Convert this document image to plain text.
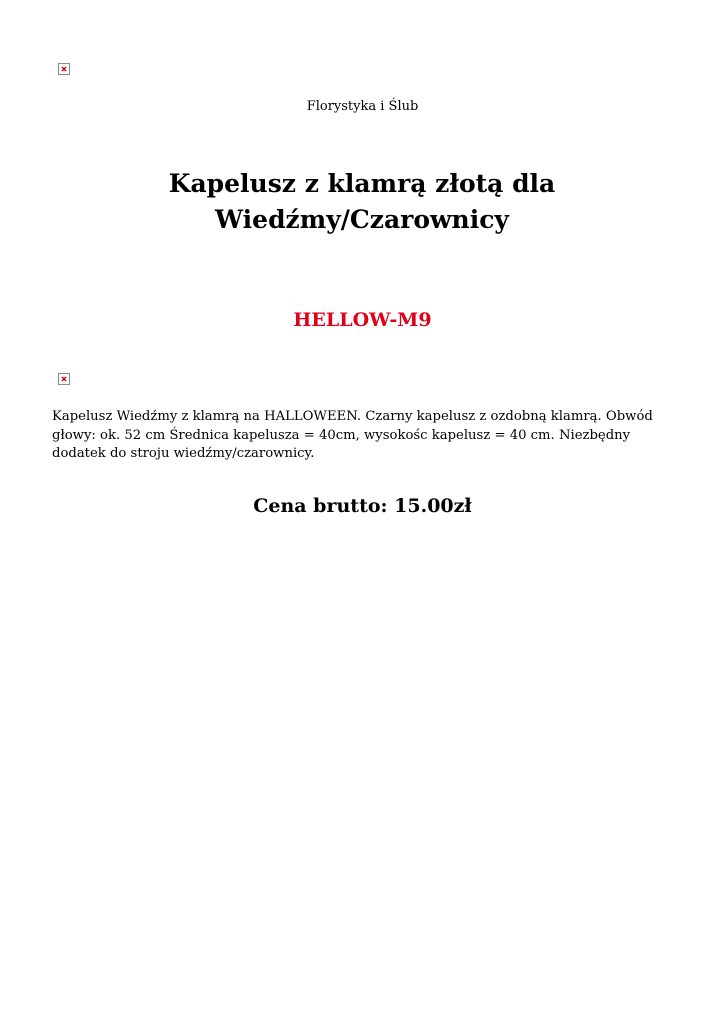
Florystyka i Ślub
Kapelusz z klamrą złotą dla Wiedźmy/Czarownicy
HELLOW-M9

Kapelusz Wiedźmy z klamrą na HALLOWEEN. Czarny kapelusz z ozdobną klamrą. Obwód głowy: ok. 52 cm Średnica kapelusza = 40cm, wysokośc kapelusz = 40 cm. Niezbędny dodatek do stroju wiedźmy/czarownicy.

Cena brutto: 15.00zł
